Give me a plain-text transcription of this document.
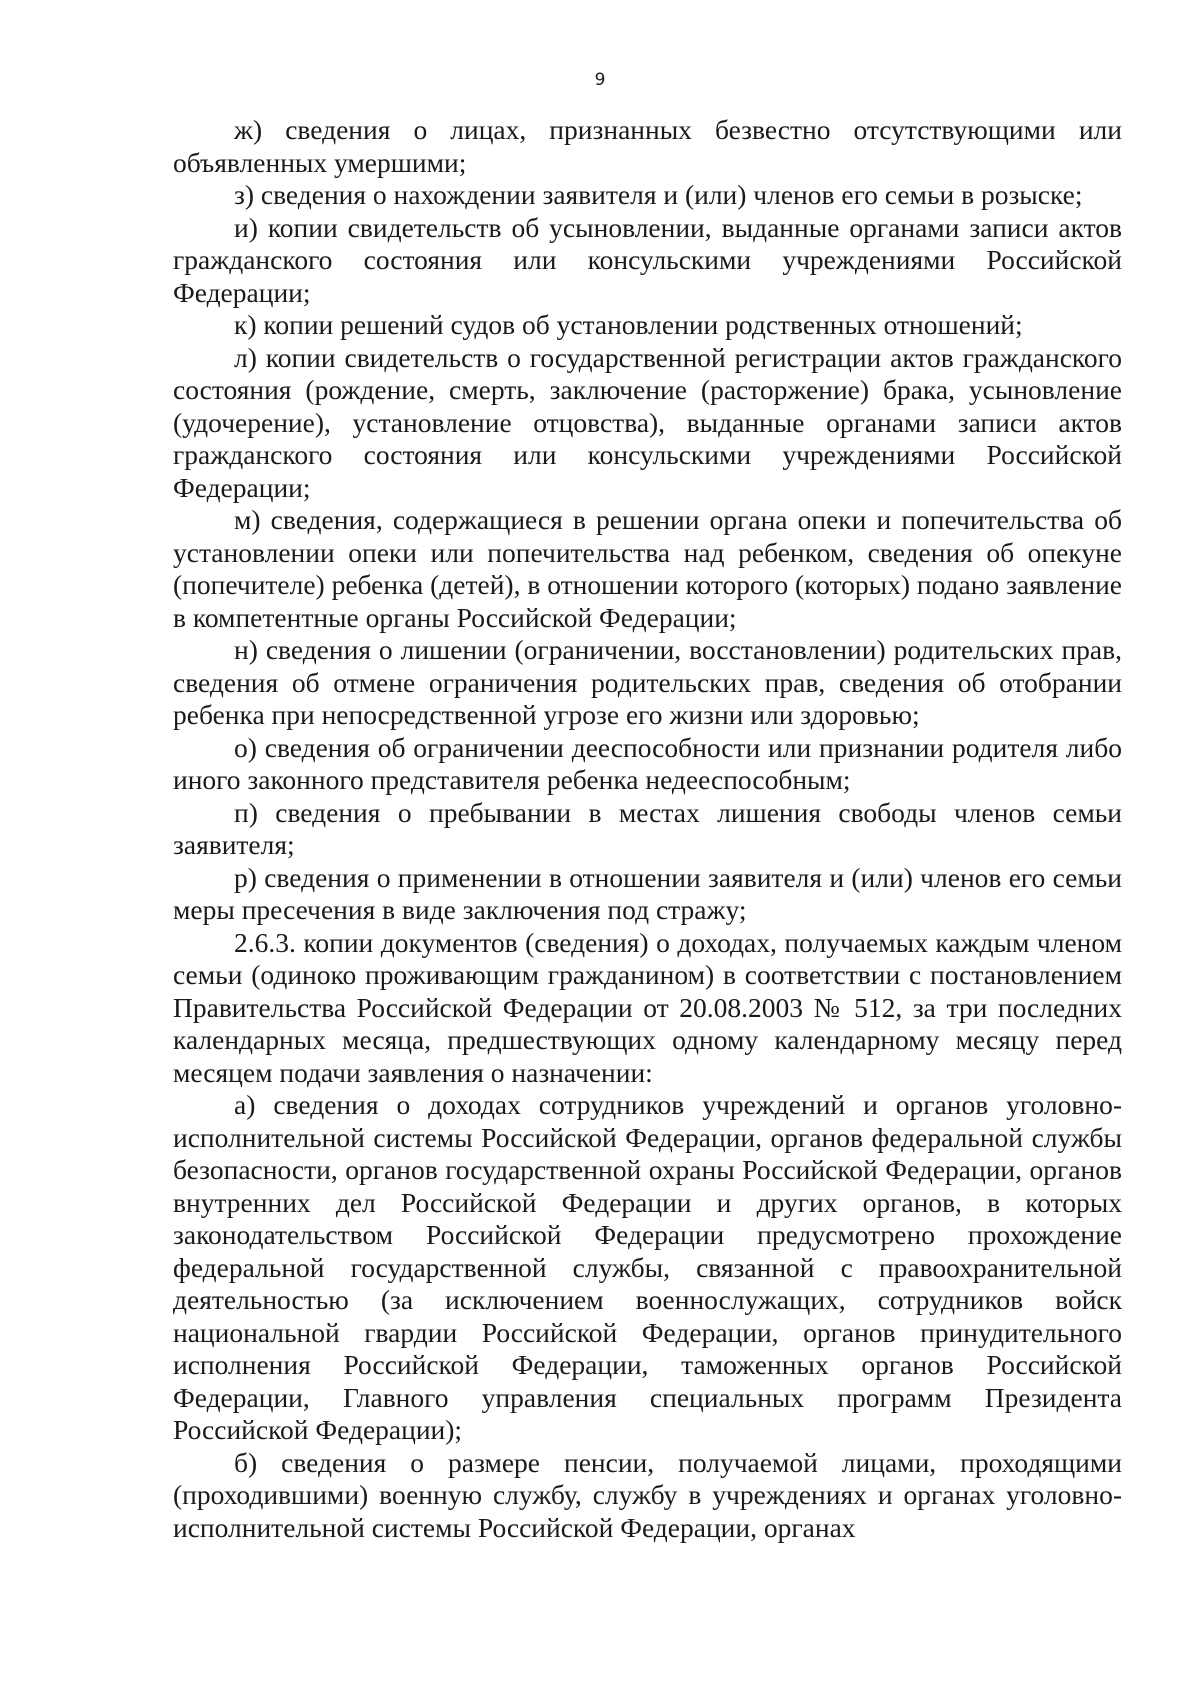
9

ж) сведения о лицах, признанных безвестно отсутствующими или объявленных умершими;

з) сведения о нахождении заявителя и (или) членов его семьи в розыске;

и) копии свидетельств об усыновлении, выданные органами записи актов гражданского состояния или консульскими учреждениями Российской Федерации;

к) копии решений судов об установлении родственных отношений;

л) копии свидетельств о государственной регистрации актов гражданского состояния (рождение, смерть, заключение (расторжение) брака, усыновление (удочерение), установление отцовства), выданные органами записи актов гражданского состояния или консульскими учреждениями Российской Федерации;

м) сведения, содержащиеся в решении органа опеки и попечительства об установлении опеки или попечительства над ребенком, сведения об опекуне (попечителе) ребенка (детей), в отношении которого (которых) подано заявление в компетентные органы Российской Федерации;

н) сведения о лишении (ограничении, восстановлении) родительских прав, сведения об отмене ограничения родительских прав, сведения об отобрании ребенка при непосредственной угрозе его жизни или здоровью;

о) сведения об ограничении дееспособности или признании родителя либо иного законного представителя ребенка недееспособным;

п) сведения о пребывании в местах лишения свободы членов семьи заявителя;

р) сведения о применении в отношении заявителя и (или) членов его семьи меры пресечения в виде заключения под стражу;

2.6.3. копии документов (сведения) о доходах, получаемых каждым членом семьи (одиноко проживающим гражданином) в соответствии с постановлением Правительства Российской Федерации от 20.08.2003 № 512, за три последних календарных месяца, предшествующих одному календарному месяцу перед месяцем подачи заявления о назначении:

а) сведения о доходах сотрудников учреждений и органов уголовно-исполнительной системы Российской Федерации, органов федеральной службы безопасности, органов государственной охраны Российской Федерации, органов внутренних дел Российской Федерации и других органов, в которых законодательством Российской Федерации предусмотрено прохождение федеральной государственной службы, связанной с правоохранительной деятельностью (за исключением военнослужащих, сотрудников войск национальной гвардии Российской Федерации, органов принудительного исполнения Российской Федерации, таможенных органов Российской Федерации, Главного управления специальных программ Президента Российской Федерации);

б) сведения о размере пенсии, получаемой лицами, проходящими (проходившими) военную службу, службу в учреждениях и органах уголовно-исполнительной системы Российской Федерации, органах
